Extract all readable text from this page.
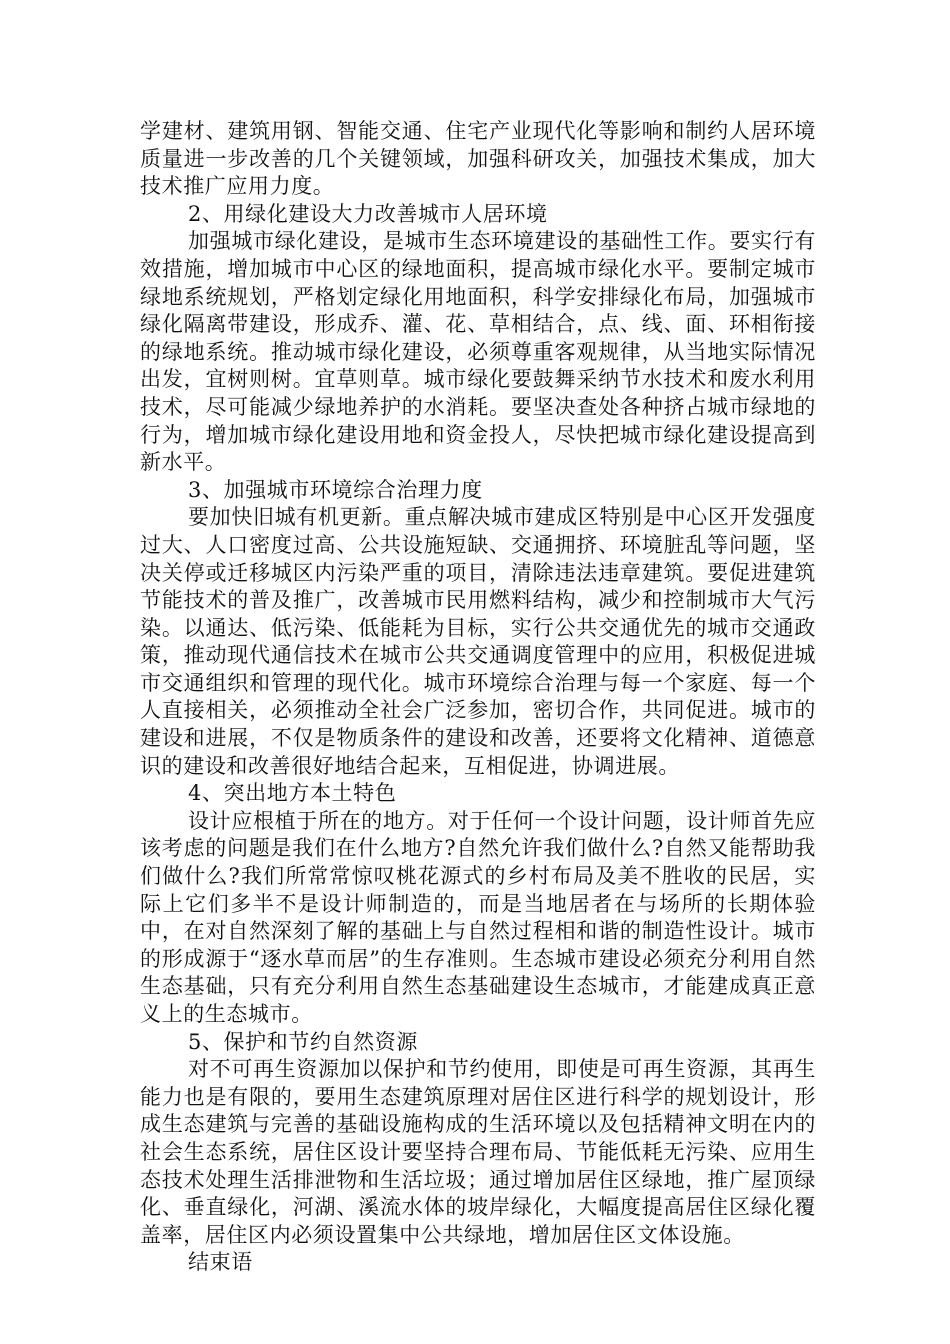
学建材、建筑用钢、智能交通、住宅产业现代化等影响和制约人居环境质量进一步改善的几个关键领域，加强科研攻关，加强技术集成，加大技术推广应用力度。

2、用绿化建设大力改善城市人居环境

加强城市绿化建设，是城市生态环境建设的基础性工作。要实行有效措施，增加城市中心区的绿地面积，提高城市绿化水平。要制定城市绿地系统规划，严格划定绿化用地面积，科学安排绿化布局，加强城市绿化隔离带建设，形成乔、灌、花、草相结合，点、线、面、环相衔接的绿地系统。推动城市绿化建设，必须尊重客观规律，从当地实际情况出发，宜树则树。宜草则草。城市绿化要鼓舞采纳节水技术和废水利用技术，尽可能减少绿地养护的水消耗。要坚决查处各种挤占城市绿地的行为，增加城市绿化建设用地和资金投人，尽快把城市绿化建设提高到新水平。

3、加强城市环境综合治理力度

要加快旧城有机更新。重点解决城市建成区特别是中心区开发强度过大、人口密度过高、公共设施短缺、交通拥挤、环境脏乱等问题，坚决关停或迁移城区内污染严重的项目，清除违法违章建筑。要促进建筑节能技术的普及推广，改善城市民用燃料结构，减少和控制城市大气污染。以通达、低污染、低能耗为目标，实行公共交通优先的城市交通政策，推动现代通信技术在城市公共交通调度管理中的应用，积极促进城市交通组织和管理的现代化。城市环境综合治理与每一个家庭、每一个人直接相关，必须推动全社会广泛参加，密切合作，共同促进。城市的建设和进展，不仅是物质条件的建设和改善，还要将文化精神、道德意识的建设和改善很好地结合起来，互相促进，协调进展。

4、突出地方本土特色

设计应根植于所在的地方。对于任何一个设计问题，设计师首先应该考虑的问题是我们在什么地方?自然允许我们做什么?自然又能帮助我们做什么?我们所常常惊叹桃花源式的乡村布局及美不胜收的民居，实际上它们多半不是设计师制造的，而是当地居者在与场所的长期体验中，在对自然深刻了解的基础上与自然过程相和谐的制造性设计。城市的形成源于“逐水草而居”的生存准则。生态城市建设必须充分利用自然生态基础，只有充分利用自然生态基础建设生态城市，才能建成真正意义上的生态城市。

5、保护和节约自然资源

对不可再生资源加以保护和节约使用，即使是可再生资源，其再生能力也是有限的，要用生态建筑原理对居住区进行科学的规划设计，形成生态建筑与完善的基础设施构成的生活环境以及包括精神文明在内的社会生态系统，居住区设计要坚持合理布局、节能低耗无污染、应用生态技术处理生活排泄物和生活垃圾；通过增加居住区绿地，推广屋顶绿化、垂直绿化，河湖、溪流水体的坡岸绿化，大幅度提高居住区绿化覆盖率，居住区内必须设置集中公共绿地，增加居住区文体设施。

结束语
